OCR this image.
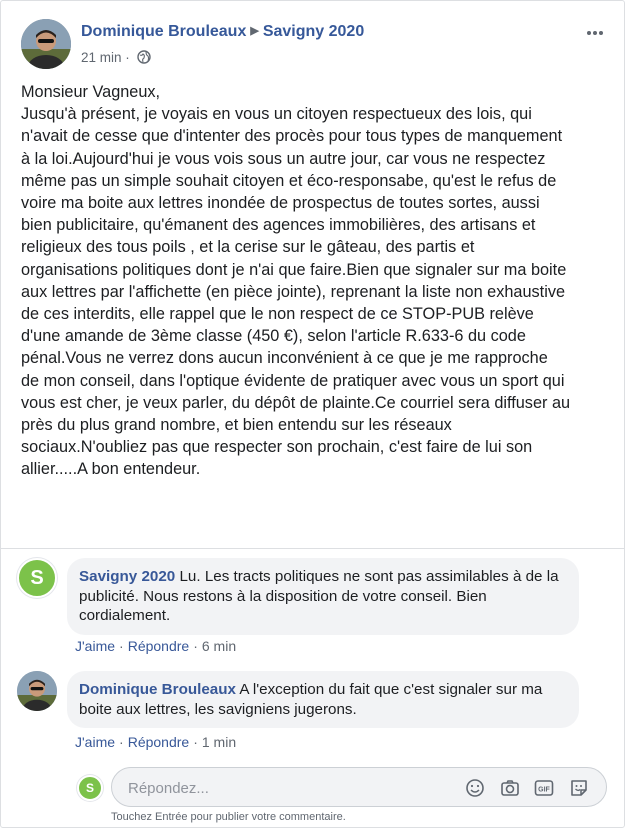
Dominique Brouleaux ▶ Savigny 2020
21 min ·
Monsieur Vagneux,
Jusqu'à présent, je voyais en vous un citoyen respectueux des lois, qui
n'avait de cesse que d'intenter des procès pour tous types de manquement
à la loi.Aujourd'hui je vous vois sous un autre jour, car vous ne respectez
même pas un simple souhait citoyen et éco-responsabe, qu'est le refus de
voire ma boite aux lettres inondée de prospectus de toutes sortes, aussi
bien publicitaire, qu'émanent des agences immobilières, des artisans et
religieux des tous poils , et la cerise sur le gâteau, des partis et
organisations politiques dont je n'ai que faire.Bien que signaler sur ma boite
aux lettres par l'affichette (en pièce jointe), reprenant la liste non exhaustive
de ces interdits, elle rappel que le non respect de ce STOP-PUB relève
d'une amande de 3ème classe (450 €), selon l'article R.633-6 du code
pénal.Vous ne verrez dons aucun inconvénient à ce que je me rapproche
de mon conseil, dans l'optique évidente de pratiquer avec vous un sport qui
vous est cher, je veux parler, du dépôt de plainte.Ce courriel sera diffuser au
près du plus grand nombre, et bien entendu sur les réseaux
sociaux.N'oubliez pas que respecter son prochain, c'est faire de lui son
allier.....A bon entendeur.
S	Savigny 2020 Lu. Les tracts politiques ne sont pas assimilables à de la publicité. Nous restons à la disposition de votre conseil. Bien cordialement.
J'aime · Répondre · 6 min
Dominique Brouleaux A l'exception du fait que c'est signaler sur ma boite aux lettres, les savigniens jugerons.
J'aime · Répondre · 1 min
S
Répondez...	GIF
Touchez Entrée pour publier votre commentaire.
